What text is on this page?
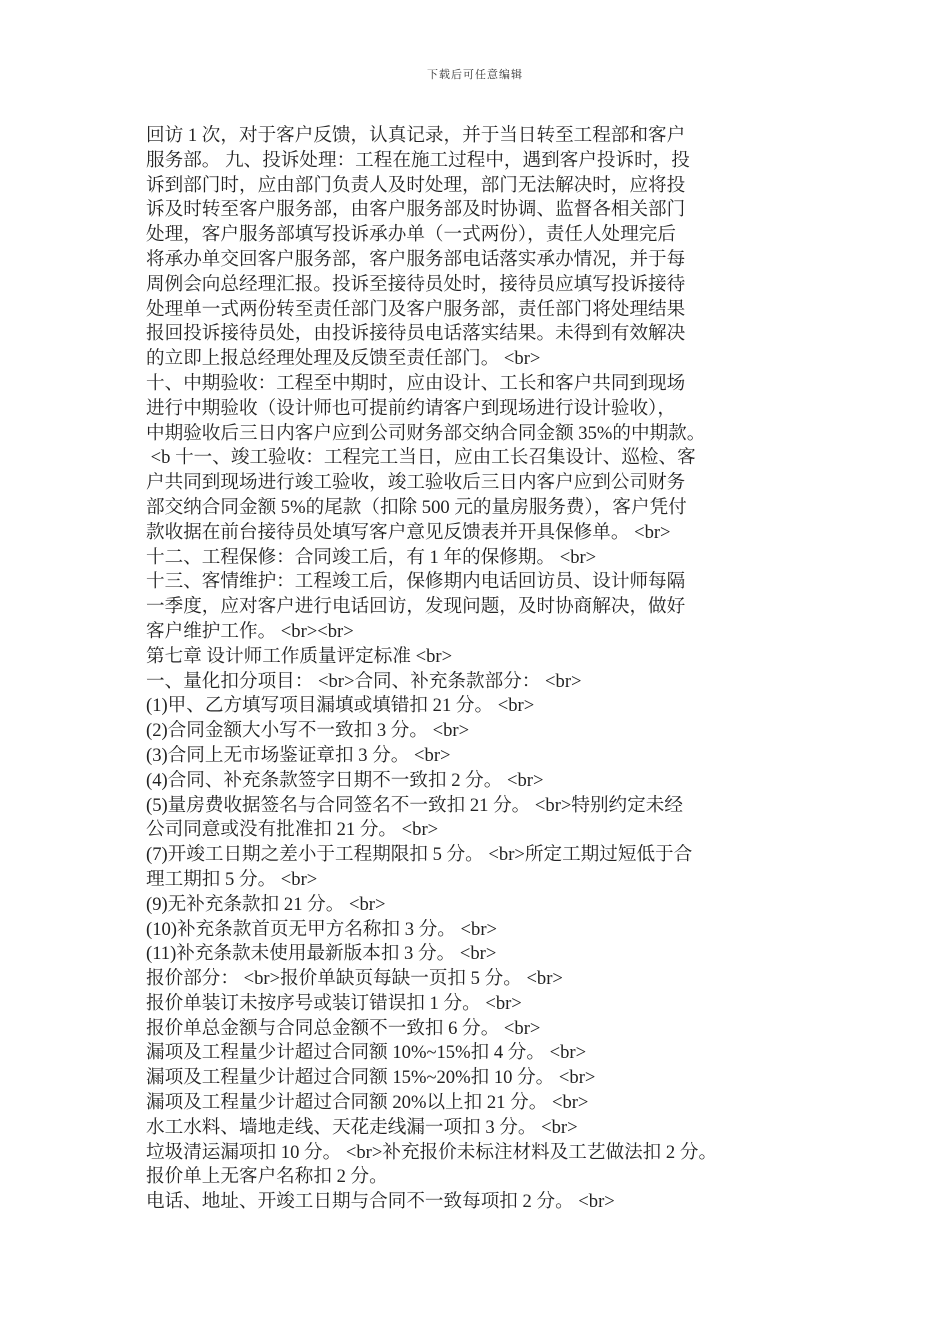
下载后可任意编辑
回访 1 次，对于客户反馈，认真记录，并于当日转至工程部和客户
服务部。 九、投诉处理：工程在施工过程中，遇到客户投诉时，投
诉到部门时，应由部门负责人及时处理，部门无法解决时，应将投
诉及时转至客户服务部，由客户服务部及时协调、监督各相关部门
处理，客户服务部填写投诉承办单（一式两份），责任人处理完后
将承办单交回客户服务部，客户服务部电话落实承办情况，并于每
周例会向总经理汇报。投诉至接待员处时，接待员应填写投诉接待
处理单一式两份转至责任部门及客户服务部，责任部门将处理结果
报回投诉接待员处，由投诉接待员电话落实结果。未得到有效解决
的立即上报总经理处理及反馈至责任部门。 <br>
十、中期验收：工程至中期时，应由设计、工长和客户共同到现场
进行中期验收（设计师也可提前约请客户到现场进行设计验收），
中期验收后三日内客户应到公司财务部交纳合同金额 35%的中期款。
<b 十一、竣工验收：工程完工当日，应由工长召集设计、巡检、客
户共同到现场进行竣工验收，竣工验收后三日内客户应到公司财务
部交纳合同金额 5%的尾款（扣除 500 元的量房服务费），客户凭付
款收据在前台接待员处填写客户意见反馈表并开具保修单。 <br>
十二、工程保修：合同竣工后，有 1 年的保修期。 <br>
十三、客情维护：工程竣工后，保修期内电话回访员、设计师每隔
一季度，应对客户进行电话回访，发现问题，及时协商解决，做好
客户维护工作。 <br><br>
第七章 设计师工作质量评定标准 <br>
一、量化扣分项目： <br>合同、补充条款部分： <br>
(1)甲、乙方填写项目漏填或填错扣 21 分。 <br>
(2)合同金额大小写不一致扣 3 分。 <br>
(3)合同上无市场鉴证章扣 3 分。 <br>
(4)合同、补充条款签字日期不一致扣 2 分。 <br>
(5)量房费收据签名与合同签名不一致扣 21 分。 <br>特别约定未经
公司同意或没有批准扣 21 分。 <br>
(7)开竣工日期之差小于工程期限扣 5 分。 <br>所定工期过短低于合
理工期扣 5 分。 <br>
(9)无补充条款扣 21 分。 <br>
(10)补充条款首页无甲方名称扣 3 分。 <br>
(11)补充条款未使用最新版本扣 3 分。 <br>
报价部分： <br>报价单缺页每缺一页扣 5 分。 <br>
报价单装订未按序号或装订错误扣 1 分。 <br>
报价单总金额与合同总金额不一致扣 6 分。 <br>
漏项及工程量少计超过合同额 10%~15%扣 4 分。 <br>
漏项及工程量少计超过合同额 15%~20%扣 10 分。 <br>
漏项及工程量少计超过合同额 20%以上扣 21 分。 <br>
水工水料、墙地走线、天花走线漏一项扣 3 分。 <br>
垃圾清运漏项扣 10 分。 <br>补充报价未标注材料及工艺做法扣 2 分。
报价单上无客户名称扣 2 分。
电话、地址、开竣工日期与合同不一致每项扣 2 分。 <br>
